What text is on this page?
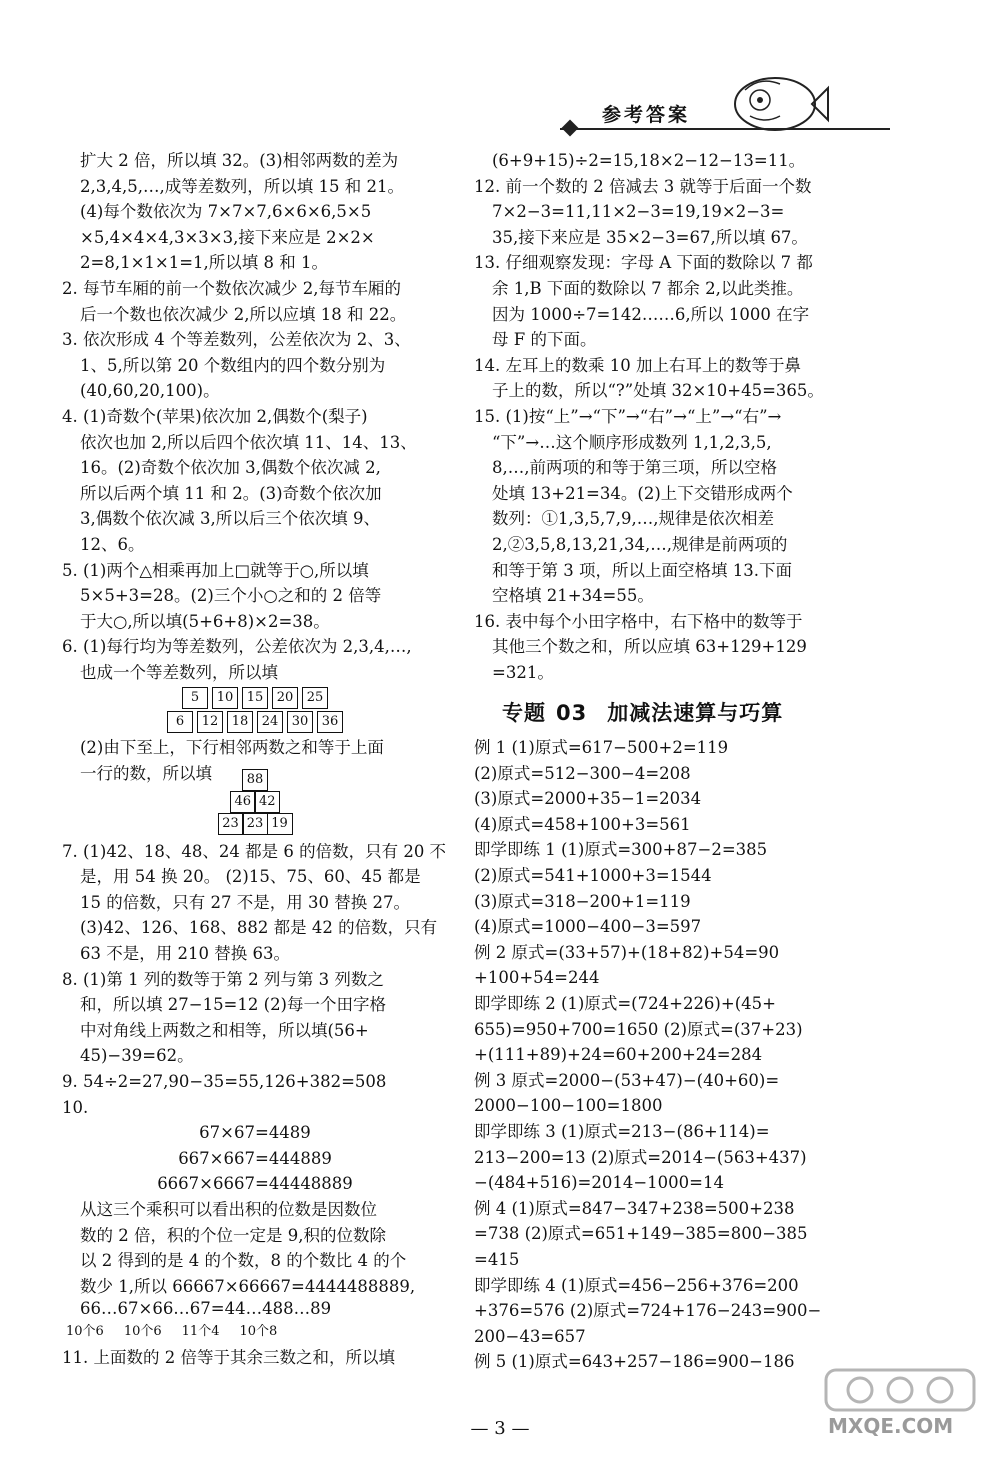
参考答案
扩大 2 倍，所以填 32。(3)相邻两数的差为
2,3,4,5,…,成等差数列，所以填 15 和 21。
(4)每个数依次为 7×7×7,6×6×6,5×5
×5,4×4×4,3×3×3,接下来应是 2×2×
2=8,1×1×1=1,所以填 8 和 1。
2. 每节车厢的前一个数依次减少 2,每节车厢的
后一个数也依次减少 2,所以应填 18 和 22。
3. 依次形成 4 个等差数列，公差依次为 2、3、
1、5,所以第 20 个数组内的四个数分别为
(40,60,20,100)。
4. (1)奇数个(苹果)依次加 2,偶数个(梨子)
依次也加 2,所以后四个依次填 11、14、13、
16。(2)奇数个依次加 3,偶数个依次减 2,
所以后两个填 11 和 2。(3)奇数个依次加
3,偶数个依次减 3,所以后三个依次填 9、
12、6。
5. (1)两个△相乘再加上□就等于○,所以填
5×5+3=28。(2)三个小○之和的 2 倍等
于大○,所以填(5+6+8)×2=38。
6. (1)每行均为等差数列，公差依次为 2,3,4,…,
也成一个等差数列，所以填
5	10	15	20	25
6	12	18	24	30	36
(2)由下至上，下行相邻两数之和等于上面
一行的数，所以填	88
46 42
23 23 19
7. (1)42、18、48、24 都是 6 的倍数，只有 20 不
是，用 54 换 20。 (2)15、75、60、45 都是
15 的倍数，只有 27 不是，用 30 替换 27。
(3)42、126、168、882 都是 42 的倍数，只有
63 不是，用 210 替换 63。
8. (1)第 1 列的数等于第 2 列与第 3 列数之
和，所以填 27−15=12 (2)每一个田字格
中对角线上两数之和相等，所以填(56+
45)−39=62。
9. 54÷2=27,90−35=55,126+382=508
10.
67×67=4489
667×667=444889
6667×6667=44448889
从这三个乘积可以看出积的位数是因数位
数的 2 倍，积的个位一定是 9,积的位数除
以 2 得到的是 4 的个数，8 的个数比 4 的个
数少 1,所以 66667×66667=4444488889,
66…67×66…67=44…488…89
10个6 10个6 11个4 10个8
11. 上面数的 2 倍等于其余三数之和，所以填
(6+9+15)÷2=15,18×2−12−13=11。
12. 前一个数的 2 倍减去 3 就等于后面一个数
7×2−3=11,11×2−3=19,19×2−3=
35,接下来应是 35×2−3=67,所以填 67。
13. 仔细观察发现：字母 A 下面的数除以 7 都
余 1,B 下面的数除以 7 都余 2,以此类推。
因为 1000÷7=142……6,所以 1000 在字
母 F 的下面。
14. 左耳上的数乘 10 加上右耳上的数等于鼻
子上的数，所以“?”处填 32×10+45=365。
15. (1)按“上”→“下”→“右”→“上”→“右”→
“下”→…这个顺序形成数列 1,1,2,3,5,
8,…,前两项的和等于第三项，所以空格
处填 13+21=34。(2)上下交错形成两个
数列：①1,3,5,7,9,…,规律是依次相差
2,②3,5,8,13,21,34,…,规律是前两项的
和等于第 3 项，所以上面空格填 13.下面
空格填 21+34=55。
16. 表中每个小田字格中，右下格中的数等于
其他三个数之和，所以应填 63+129+129
=321。
专题 03 加减法速算与巧算
例 1 (1)原式=617−500+2=119
(2)原式=512−300−4=208
(3)原式=2000+35−1=2034
(4)原式=458+100+3=561
即学即练 1 (1)原式=300+87−2=385
(2)原式=541+1000+3=1544
(3)原式=318−200+1=119
(4)原式=1000−400−3=597
例 2 原式=(33+57)+(18+82)+54=90
+100+54=244
即学即练 2 (1)原式=(724+226)+(45+
655)=950+700=1650 (2)原式=(37+23)
+(111+89)+24=60+200+24=284
例 3 原式=2000−(53+47)−(40+60)=
2000−100−100=1800
即学即练 3 (1)原式=213−(86+114)=
213−200=13 (2)原式=2014−(563+437)
−(484+516)=2014−1000=14
例 4 (1)原式=847−347+238=500+238
=738 (2)原式=651+149−385=800−385
=415
即学即练 4 (1)原式=456−256+376=200
+376=576 (2)原式=724+176−243=900−
200−43=657
例 5 (1)原式=643+257−186=900−186
— 3 —	MXQE.COM
